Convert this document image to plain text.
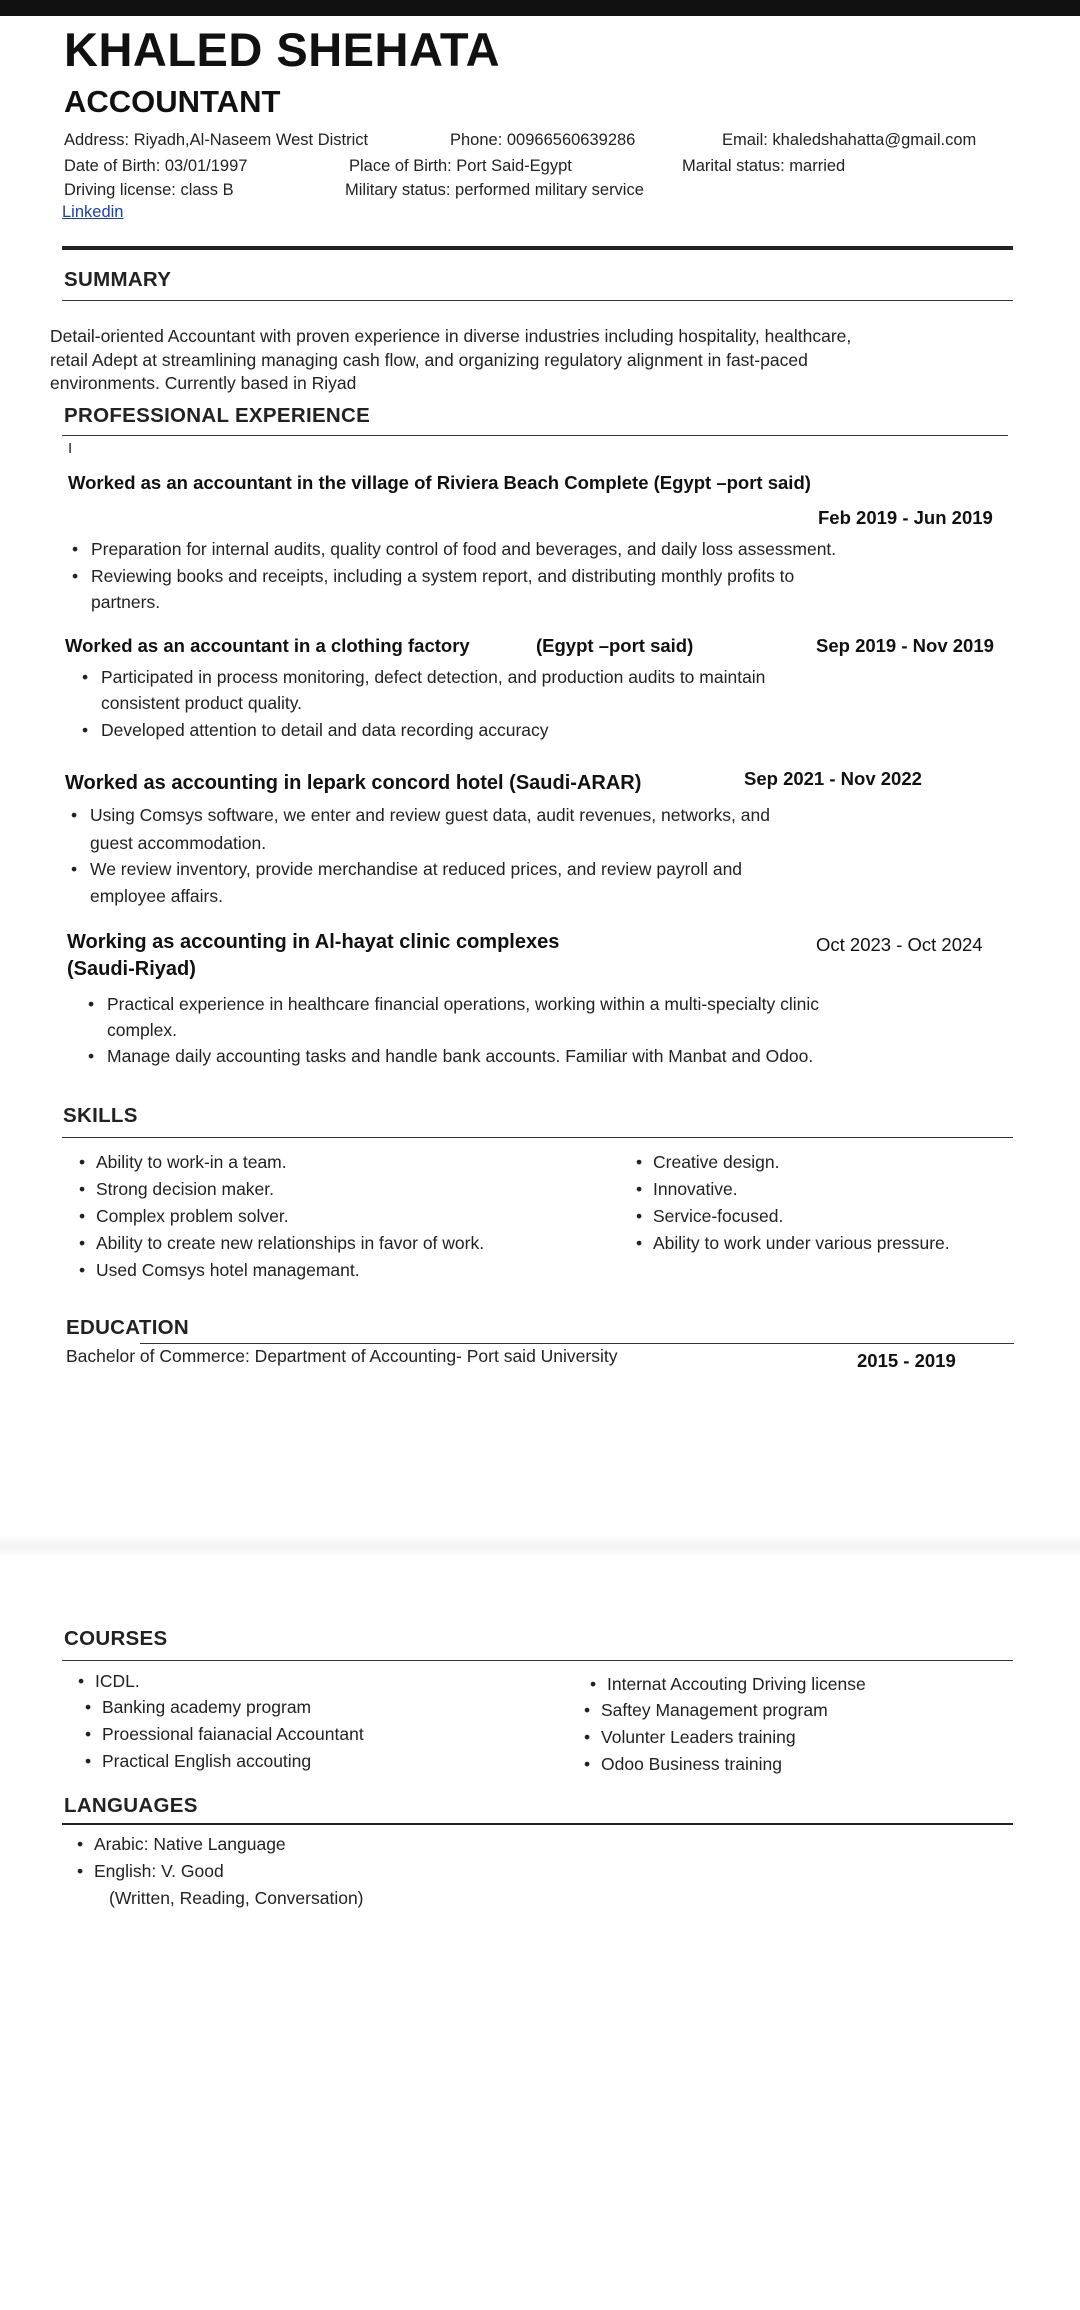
KHALED SHEHATA
ACCOUNTANT
Address: Riyadh,Al-Naseem West District	Phone: 00966560639286	Email: khaledshahatta@gmail.com
Date of Birth: 03/01/1997	Place of Birth: Port Said-Egypt	Marital status: married
Driving license: class B	Military status: performed military service
Linkedin
SUMMARY
Detail-oriented Accountant with proven experience in diverse industries including hospitality, healthcare,
retail Adept at streamlining managing cash flow, and organizing regulatory alignment in fast-paced
environments. Currently based in Riyad
PROFESSIONAL EXPERIENCE
I
Worked as an accountant in the village of Riviera Beach Complete (Egypt –port said)
Feb 2019 - Jun 2019
• Preparation for internal audits, quality control of food and beverages, and daily loss assessment.
• Reviewing books and receipts, including a system report, and distributing monthly profits to
partners.
Worked as an accountant in a clothing factory	(Egypt –port said)	Sep 2019 - Nov 2019
• Participated in process monitoring, defect detection, and production audits to maintain
consistent product quality.
• Developed attention to detail and data recording accuracy
Worked as accounting in lepark concord hotel (Saudi-ARAR)	Sep 2021 - Nov 2022
• Using Comsys software, we enter and review guest data, audit revenues, networks, and
guest accommodation.
• We review inventory, provide merchandise at reduced prices, and review payroll and
employee affairs.
Working as accounting in Al-hayat clinic complexes
(Saudi-Riyad)
Oct 2023 - Oct 2024
• Practical experience in healthcare financial operations, working within a multi-specialty clinic
complex.
• Manage daily accounting tasks and handle bank accounts. Familiar with Manbat and Odoo.
SKILLS
• Ability to work-in a team.
• Strong decision maker.
• Complex problem solver.
• Ability to create new relationships in favor of work.
• Used Comsys hotel managemant.
• Creative design.
• Innovative.
• Service-focused.
• Ability to work under various pressure.
EDUCATION
Bachelor of Commerce: Department of Accounting- Port said University	2015 - 2019
COURSES
• ICDL.
• Banking academy program
• Proessional faianacial Accountant
• Practical English accouting
• Internat Accouting Driving license
• Saftey Management program
• Volunter Leaders training
• Odoo Business training
LANGUAGES
• Arabic: Native Language
• English: V. Good
(Written, Reading, Conversation)
